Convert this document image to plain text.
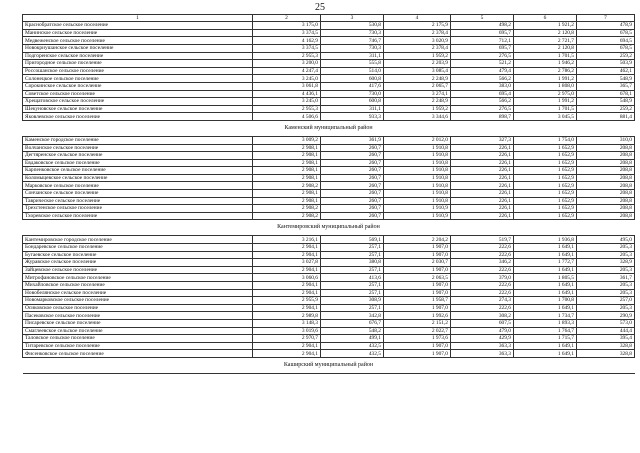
25
1	2	3	4	5	6	7
Краснобратское сельское поселение	3 175,0	530,8	2 175,9	498,2	1 921,2	478,9
Манинское сельское поселение	3 374,5	730,3	2 378,4	695,7	2 120,8	678,5
Медвеженское сельское поселение	4 162,9	746,7	3 020,9	712,1	2 721,7	694,5
Новокриушанское сельское поселение	3 374,5	730,3	2 378,4	695,7	2 120,8	678,5
Подгоренское сельское поселение	2 955,3	311,1	1 959,2	276,5	1 701,5	259,2
Пригородное сельское поселение	3 200,0	555,8	2 203,9	521,2	1 946,2	503,9
Россошанское сельское поселение	4 247,4	514,0	3 085,4	479,4	2 786,2	462,1
Солонецкое сельское поселение	3 245,0	600,8	2 248,9	566,2	1 991,2	548,9
Сорокинское сельское поселение	3 061,8	417,6	2 065,7	383,0	1 808,0	365,7
Советское сельское поселение	4 436,1	730,0	3 274,1	695,4	2 975,0	678,1
Хрещатовское сельское поселение	3 245,0	600,8	2 248,9	566,2	1 991,2	548,9
Шекуновское сельское поселение	2 955,3	311,1	1 959,2	276,5	1 701,5	259,2
Яковлевское сельское поселение	4 506,6	933,3	3 344,6	898,7	3 045,5	881,4
Каменский муниципальный район						
Каменское городское поселение	3 009,2	361,9	2 012,0	327,3	1 754,0	310,0
Волчанское сельское поселение	2 908,1	260,7	1 910,8	226,1	1 652,9	208,8
Дегтяренское сельское поселение	2 908,1	260,7	1 910,8	226,1	1 652,9	208,8
Евдаковское сельское поселение	2 908,1	260,7	1 910,8	226,1	1 652,9	208,8
Карпенковское сельское поселение	2 908,1	260,7	1 910,8	226,1	1 652,9	208,8
Коломыцевское сельское поселение	2 908,1	260,7	1 910,8	226,1	1 652,9	208,8
Марковское сельское поселение	2 908,2	260,7	1 910,8	226,1	1 652,9	208,8
Сончанское сельское поселение	2 908,1	260,7	1 910,8	226,1	1 652,9	208,8
Таврическое сельское поселение	2 908,1	260,7	1 910,8	226,1	1 652,9	208,8
Трехстенское сельское поселение	2 908,2	260,7	1 910,9	226,1	1 652,9	208,8
Тхоревское сельское поселение	2 908,2	260,7	1 910,9	226,1	1 652,9	208,8
Кантемировский муниципальный район						
Кантемировское городское поселение	3 216,1	569,1	2 204,2	519,7	1 936,8	495,0
Бондаревское сельское поселение	2 904,1	257,1	1 907,0	222,6	1 649,1	205,3
Бугаевское сельское поселение	2 904,1	257,1	1 907,0	222,6	1 649,1	205,3
Журавское сельское поселение	3 027,8	380,8	2 030,7	346,2	1 772,7	328,9
Зайцевское сельское поселение	2 904,1	257,1	1 907,0	222,6	1 649,1	205,3
Митрофановское сельское поселение	3 060,6	413,6	2 063,5	379,0	1 805,5	361,7
Михайловское сельское поселение	2 904,1	257,1	1 907,0	222,6	1 649,1	205,3
Новобелянское сельское поселение	2 904,1	257,1	1 907,0	222,6	1 649,1	205,3
Новомарковское сельское поселение	2 955,9	308,9	1 958,7	274,3	1 700,8	257,0
Осиковское сельское поселение	2 904,1	257,1	1 907,0	222,6	1 649,1	205,3
Пасековское сельское поселение	2 989,8	342,8	1 992,6	308,2	1 734,7	290,9
Писаревское сельское поселение	3 148,3	676,7	2 151,2	607,5	1 893,3	573,0
Смаглеевское сельское поселение	3 019,6	548,2	2 022,7	479,0	1 764,7	444,4
Таловское сельское поселение	2 970,7	499,1	1 973,6	429,9	1 715,7	395,4
Титаревское сельское поселение	2 904,1	432,5	1 907,0	363,3	1 649,1	328,8
Фисенковское сельское поселение	2 904,1	432,5	1 907,0	363,3	1 649,1	328,8
Каширский муниципальный район						
